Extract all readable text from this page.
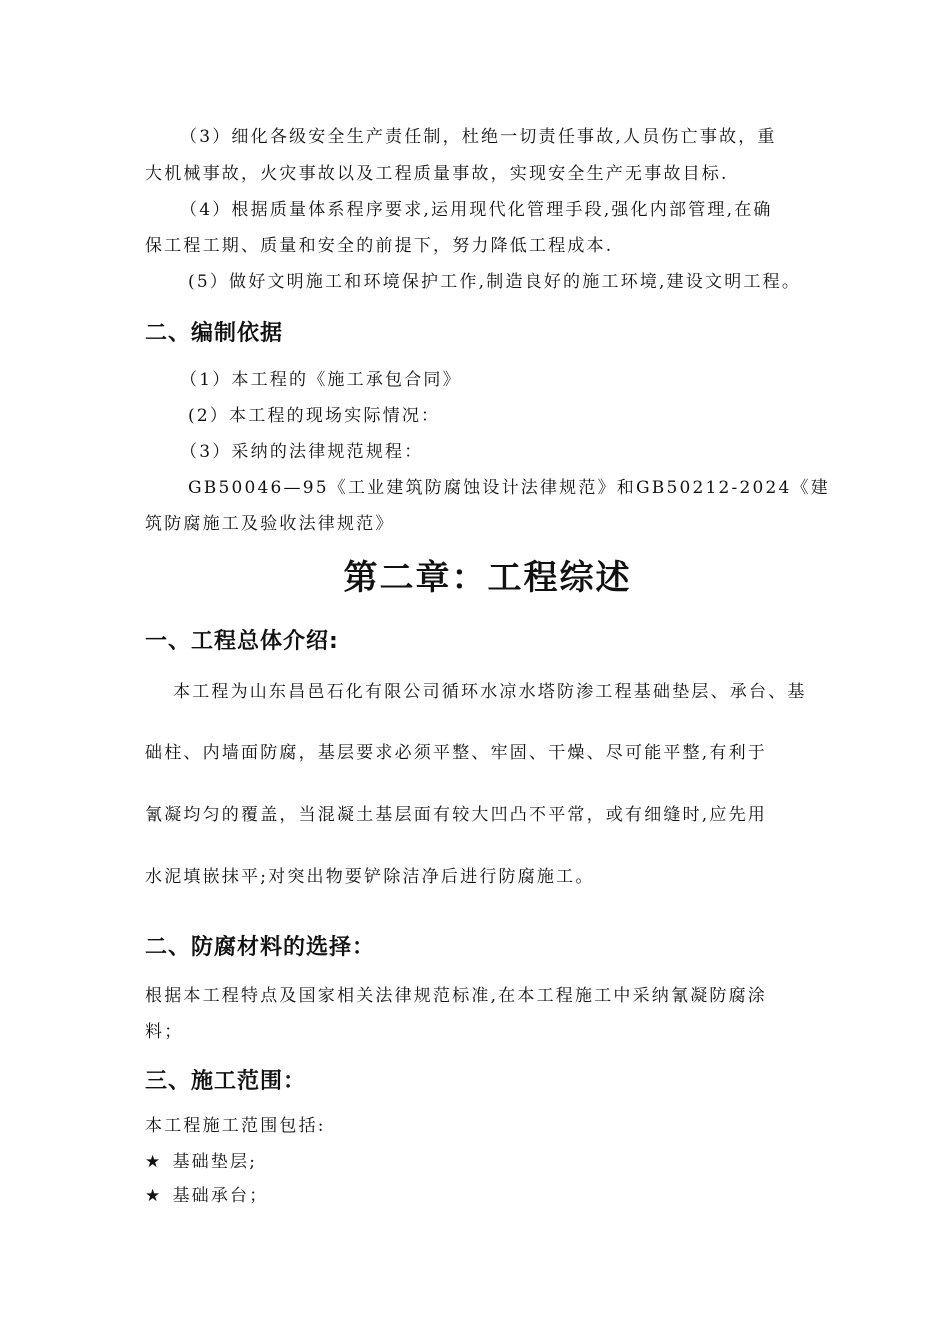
（3）细化各级安全生产责任制，杜绝一切责任事故,人员伤亡事故，重
大机械事故，火灾事故以及工程质量事故，实现安全生产无事故目标.
（4）根据质量体系程序要求,运用现代化管理手段,强化内部管理,在确
保工程工期、质量和安全的前提下，努力降低工程成本.
(5）做好文明施工和环境保护工作,制造良好的施工环境,建设文明工程。
二、编制依据
（1）本工程的《施工承包合同》
(2）本工程的现场实际情况：
（3）采纳的法律规范规程：
GB50046—95《工业建筑防腐蚀设计法律规范》和GB50212-2024《建
筑防腐施工及验收法律规范》
第二章：工程综述
一、工程总体介绍:
本工程为山东昌邑石化有限公司循环水凉水塔防渗工程基础垫层、承台、基
础柱、内墙面防腐，基层要求必须平整、牢固、干燥、尽可能平整,有利于
氰凝均匀的覆盖，当混凝土基层面有较大凹凸不平常，或有细缝时,应先用
水泥填嵌抹平;对突出物要铲除洁净后进行防腐施工。
二、防腐材料的选择：
根据本工程特点及国家相关法律规范标准,在本工程施工中采纳氰凝防腐涂
料；
三、施工范围：
本工程施工范围包括:
★ 基础垫层;
★ 基础承台；
